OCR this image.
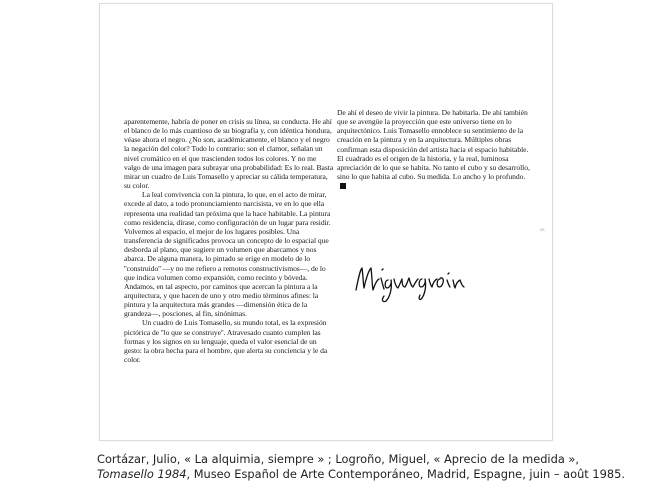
aparentemente, habría de poner en crisis su línea, su conducta. He ahí el blanco de lo más cuantioso de su biografía y, con idéntica hondura, véase ahora el negro. ¿No son, académicamente, el blanco y el negro la negación del color? Todo lo contrario: son el clamor, señalan un nivel cromático en el que trascienden todos los colores. Y no me valgo de una imagen para subrayar una probabilidad: Es lo real. Basta mirar un cuadro de Luis Tomasello y apreciar su cálida temperatura, su color.

La leal convivencia con la pintura, lo que, en el acto de mirar, excede al dato, a todo pronunciamiento narcisista, ve en lo que ella representa una realidad tan próxima que la hace habitable. La pintura como residencia, dírase, como configuración de un lugar para residir. Volvemos al espacio, el mejor de los lugares posibles. Una transferencia de significados provoca un concepto de lo espacial que desborda al plano, que sugiere un volumen que abarcamos y nos abarca. De alguna manera, lo pintado se erige en modelo de lo ''construido'' —y no me refiero a remotos constructivismos—, de lo que indica volumen como expansión, como recinto y bóveda. Andamos, en tal aspecto, por caminos que acercan la pintura a la arquitectura, y que hacen de uno y otro medio términos afines: la pintura y la arquitectura más grandes —dimensión ética de la grandeza—, posciones, al fin, sinónimas.

Un cuadro de Luis Tomasello, su mundo total, es la expresión pictórica de ''lo que se construye''. Atravesado cuanto cumplen las formas y los signos en su lenguaje, queda el valor esencial de un gesto: la obra hecha para el hombre, que alerta su conciencia y le da color.

De ahí el deseo de vivir la pintura. De habitarla. De ahí también que se avengüe la proyección que este universo tiene en lo arquitectónico. Luis Tomasello ennoblece su sentimiento de la creación en la pintura y en la arquitectura. Múltiples obras confirman esta disposición del artista hacia el espacio habitable. El cuadrado es el origen de la historia, y la real, luminosa apreciación de lo que se habita. No tanto el cubo y su desarrollo, sino lo que habita al cubo. Su medida. Lo ancho y lo profundo.

25

Cortázar, Julio, « La alquimia, siempre » ; Logroño, Miguel, « Aprecio de la medida »,

Tomasello 1984, Museo Español de Arte Contemporáneo, Madrid, Espagne, juin – août 1985.
